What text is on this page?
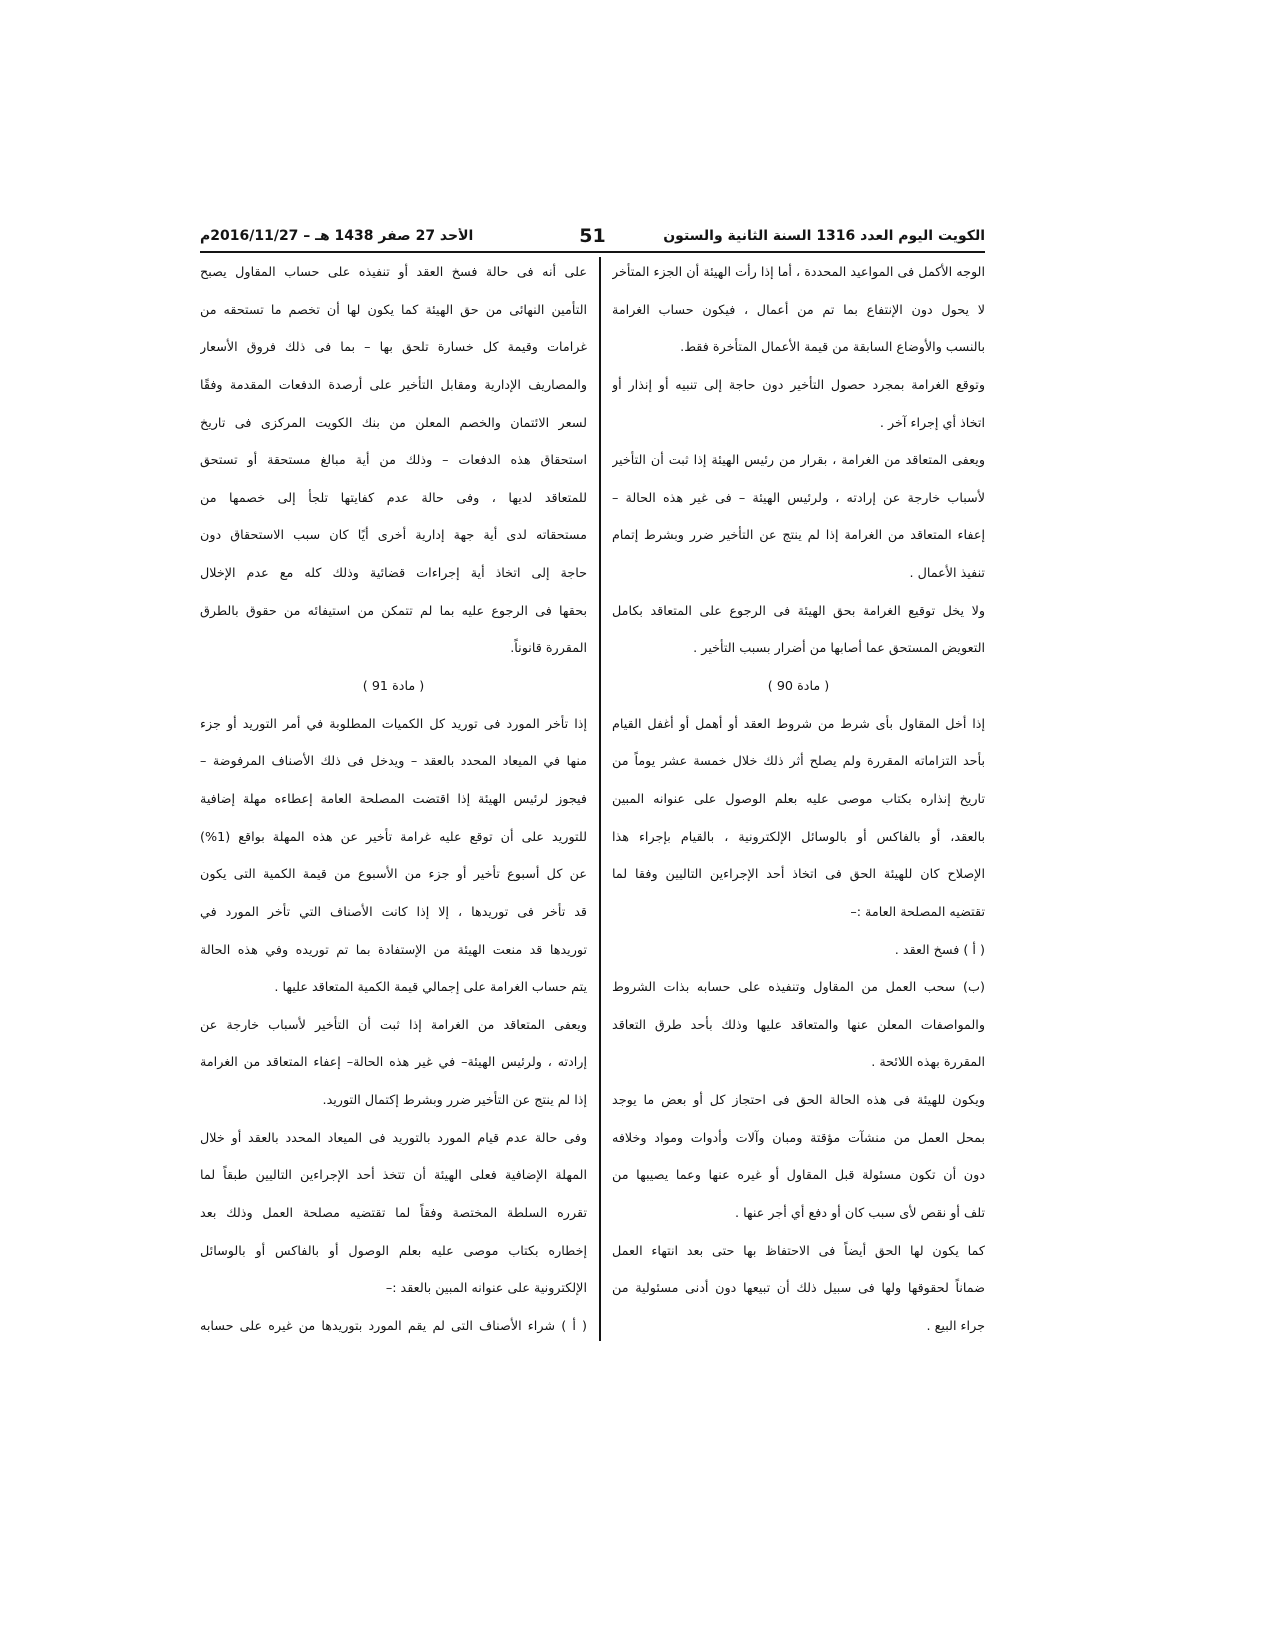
الكويت اليوم العدد 1316 السنة الثانية والستون
51
الأحد 27 صفر 1438 هـ – 2016/11/27م
الوجه الأكمل فى المواعيد المحددة ، أما إذا رأت الهيئة أن الجزء المتأخر
لا يحول دون الإنتفاع بما تم من أعمال ، فيكون حساب الغرامة
بالنسب والأوضاع السابقة من قيمة الأعمال المتأخرة فقط.
وتوقع الغرامة بمجرد حصول التأخير دون حاجة إلى تنبيه أو إنذار أو
اتخاذ أي إجراء آخر .
ويعفى المتعاقد من الغرامة ، بقرار من رئيس الهيئة إذا ثبت أن التأخير
لأسباب خارجة عن إرادته ، ولرئيس الهيئة – فى غير هذه الحالة –
إعفاء المتعاقد من الغرامة إذا لم ينتج عن التأخير ضرر وبشرط إتمام
تنفيذ الأعمال .
ولا يخل توقيع الغرامة بحق الهيئة فى الرجوع على المتعاقد بكامل
التعويض المستحق عما أصابها من أضرار بسبب التأخير .
( مادة 90 )
إذا أخل المقاول بأى شرط من شروط العقد أو أهمل أو أغفل القيام
بأحد التزاماته المقررة ولم يصلح أثر ذلك خلال خمسة عشر يوماً من
تاريخ إنذاره بكتاب موصى عليه بعلم الوصول على عنوانه المبين
بالعقد، أو بالفاكس أو بالوسائل الإلكترونية ، بالقيام بإجراء هذا
الإصلاح كان للهيئة الحق فى اتخاذ أحد الإجراءين التاليين وفقا لما
تقتضيه المصلحة العامة :–
( أ ) فسخ العقد .
(ب) سحب العمل من المقاول وتنفيذه على حسابه بذات الشروط
والمواصفات المعلن عنها والمتعاقد عليها وذلك بأحد طرق التعاقد
المقررة بهذه اللائحة .
ويكون للهيئة فى هذه الحالة الحق فى احتجاز كل أو بعض ما يوجد
بمحل العمل من منشآت مؤقتة ومبان وآلات وأدوات ومواد وخلافه
دون أن تكون مسئولة قبل المقاول أو غيره عنها وعما يصيبها من
تلف أو نقص لأى سبب كان أو دفع أي أجر عنها .
كما يكون لها الحق أيضاً فى الاحتفاظ بها حتى بعد انتهاء العمل
ضماناً لحقوقها ولها فى سبيل ذلك أن تبيعها دون أدنى مسئولية من
جراء البيع .
على أنه فى حالة فسخ العقد أو تنفيذه على حساب المقاول يصبح
التأمين النهائى من حق الهيئة كما يكون لها أن تخصم ما تستحقه من
غرامات وقيمة كل خسارة تلحق بها – بما فى ذلك فروق الأسعار
والمصاريف الإدارية ومقابل التأخير على أرصدة الدفعات المقدمة وفقًا
لسعر الائتمان والخصم المعلن من بنك الكويت المركزى فى تاريخ
استحقاق هذه الدفعات – وذلك من أية مبالغ مستحقة أو تستحق
للمتعاقد لديها ، وفى حالة عدم كفايتها تلجأ إلى خصمها من
مستحقاته لدى أية جهة إدارية أخرى أيًا كان سبب الاستحقاق دون
حاجة إلى اتخاذ أية إجراءات قضائية وذلك كله مع عدم الإخلال
بحقها فى الرجوع عليه بما لم تتمكن من استيفائه من حقوق بالطرق
المقررة قانوناً.
( مادة 91 )
إذا تأخر المورد فى توريد كل الكميات المطلوبة في أمر التوريد أو جزء
منها في الميعاد المحدد بالعقد – ويدخل فى ذلك الأصناف المرفوضة –
فيجوز لرئيس الهيئة إذا اقتضت المصلحة العامة إعطاءه مهلة إضافية
للتوريد على أن توقع عليه غرامة تأخير عن هذه المهلة بواقع (1%)
عن كل أسبوع تأخير أو جزء من الأسبوع من قيمة الكمية التى يكون
قد تأخر فى توريدها ، إلا إذا كانت الأصناف التي تأخر المورد في
توريدها قد منعت الهيئة من الإستفادة بما تم توريده وفي هذه الحالة
يتم حساب الغرامة على إجمالي قيمة الكمية المتعاقد عليها .
ويعفى المتعاقد من الغرامة إذا ثبت أن التأخير لأسباب خارجة عن
إرادته ، ولرئيس الهيئة– في غير هذه الحالة– إعفاء المتعاقد من الغرامة
إذا لم ينتج عن التأخير ضرر وبشرط إكتمال التوريد.
وفى حالة عدم قيام المورد بالتوريد فى الميعاد المحدد بالعقد أو خلال
المهلة الإضافية فعلى الهيئة أن تتخذ أحد الإجراءين التاليين طبقاً لما
تقرره السلطة المختصة وفقاً لما تقتضيه مصلحة العمل وذلك بعد
إخطاره بكتاب موصى عليه بعلم الوصول أو بالفاكس أو بالوسائل
الإلكترونية على عنوانه المبين بالعقد :–
( أ ) شراء الأصناف التى لم يقم المورد بتوريدها من غيره على حسابه
